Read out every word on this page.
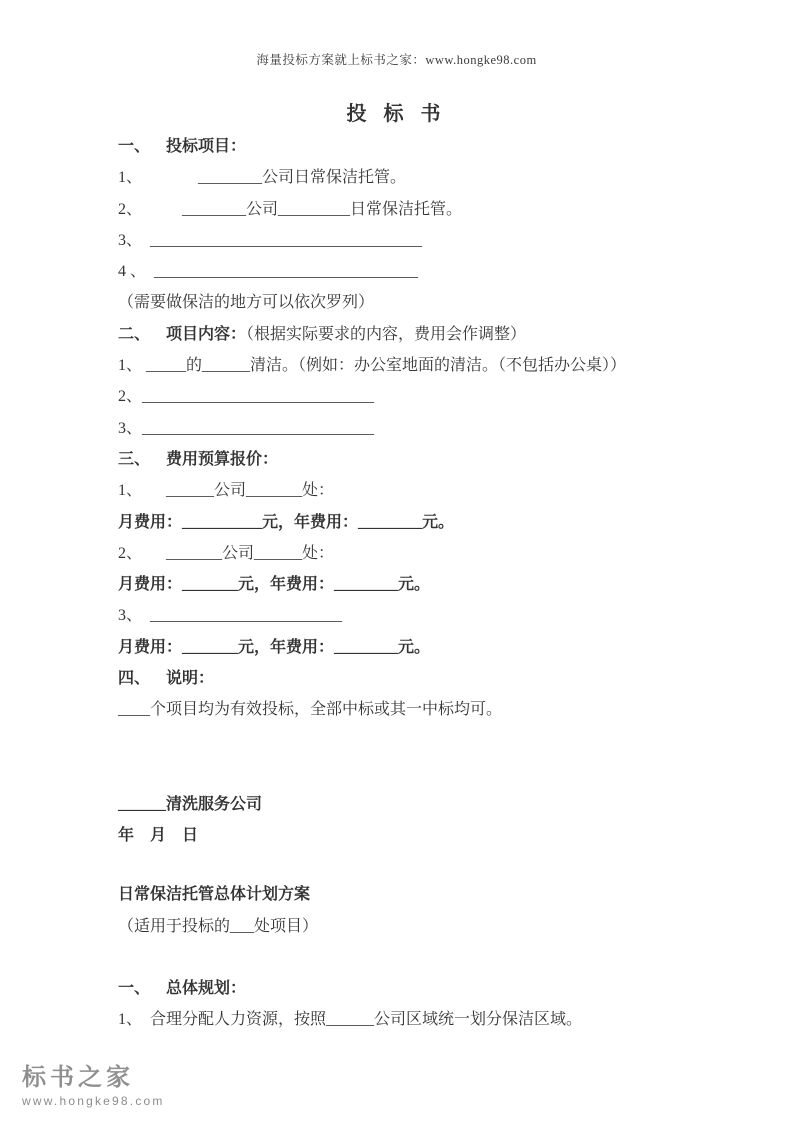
海量投标方案就上标书之家：www.hongke98.com

投 标 书

一、 投标项目：

1、　　　　________公司日常保洁托管。

2、　　　________公司_________日常保洁托管。

3、　__________________________________

4 、　_________________________________

（需要做保洁的地方可以依次罗列）

二、 项目内容：（根据实际要求的内容，费用会作调整）

1、 _____的______清洁。（例如：办公室地面的清洁。（不包括办公桌））

2、_____________________________

3、_____________________________

三、 费用预算报价：

1、　　______公司_______处：

月费用：__________元，年费用：________元。

2、　　_______公司______处：

月费用：_______元，年费用：________元。

3、　________________________

月费用：_______元，年费用：________元。

四、 说明：

____个项目均为有效投标，全部中标或其一中标均可。

______清洗服务公司

年　月　日

日常保洁托管总体计划方案

（适用于投标的___处项目）

一、 总体规划：

1、　合理分配人力资源，按照______公司区域统一划分保洁区域。

标书之家
www.hongke98.com
